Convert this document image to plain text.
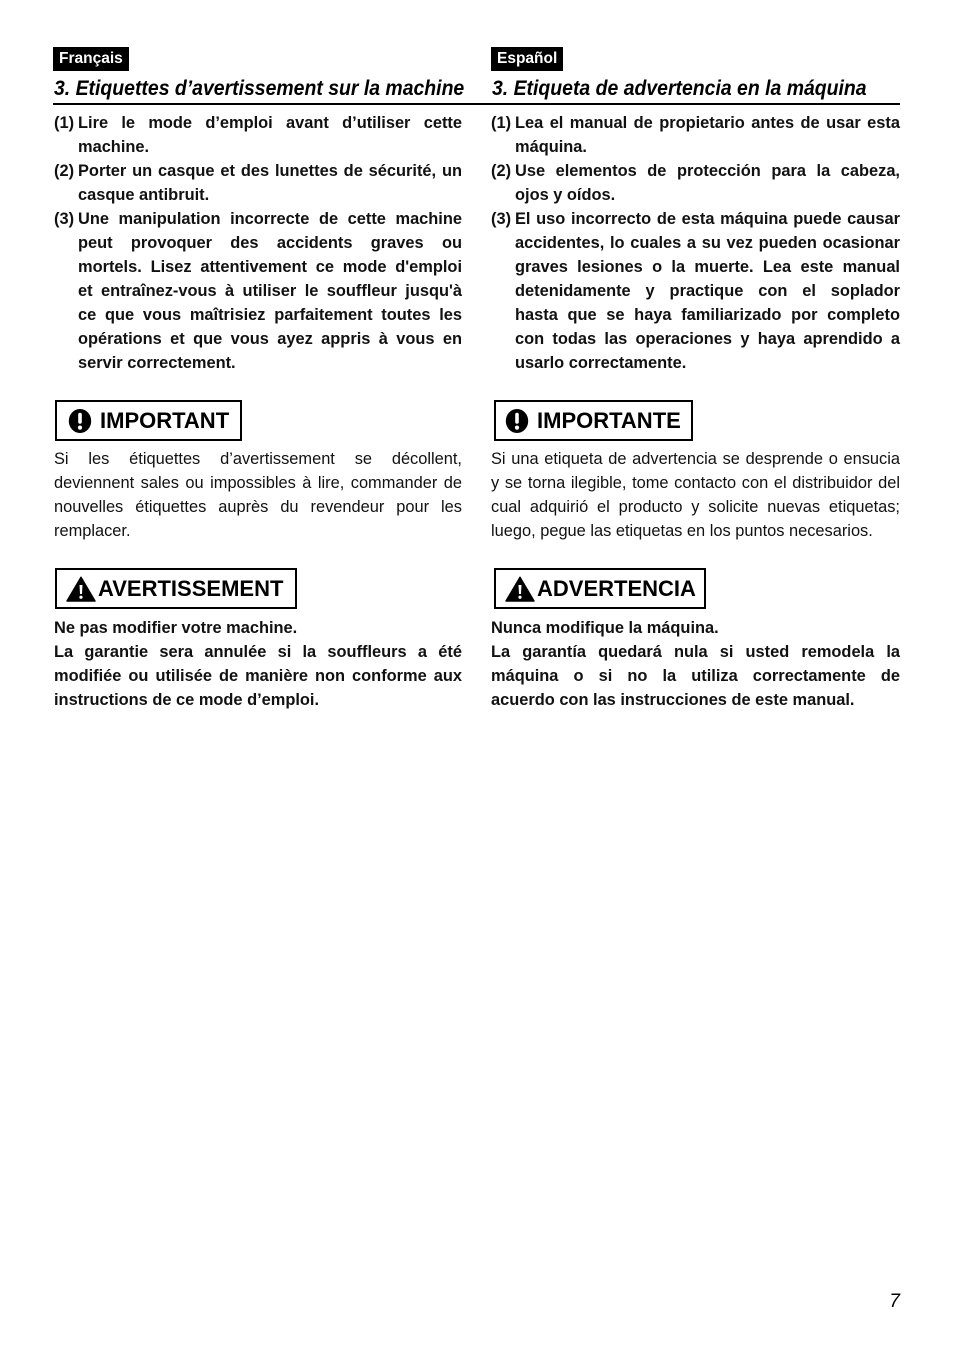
Français
3. Etiquettes d’avertissement sur la machine
(1) Lire le mode d’emploi avant d’utiliser cette
machine.
(2) Porter un casque et des lunettes de sécurité, un
casque antibruit.
(3) Une manipulation incorrecte de cette machine
peut provoquer des accidents graves ou
mortels. Lisez attentivement ce mode d'emploi
et entraînez-vous à utiliser le souffleur jusqu'à
ce que vous maîtrisiez parfaitement toutes les
opérations et que vous ayez appris à vous en
servir correctement.
IMPORTANT
Si les étiquettes d’avertissement se décollent,
deviennent sales ou impossibles à lire, commander de
nouvelles étiquettes auprès du revendeur pour les
remplacer.
AVERTISSEMENT
Ne pas modifier votre machine.
La garantie sera annulée si la souffleurs a été
modifiée ou utilisée de manière non conforme aux
instructions de ce mode d’emploi.
Español
3. Etiqueta de advertencia en la máquina
(1) Lea el manual de propietario antes de usar esta
máquina.
(2) Use elementos de protección para la cabeza,
ojos y oídos.
(3) El uso incorrecto de esta máquina puede causar
accidentes, lo cuales a su vez pueden ocasionar
graves lesiones o la muerte. Lea este manual
detenidamente y practique con el soplador
hasta que se haya familiarizado por completo
con todas las operaciones y haya aprendido a
usarlo correctamente.
IMPORTANTE
Si una etiqueta de advertencia se desprende o ensucia
y se torna ilegible, tome contacto con el distribuidor del
cual adquirió el producto y solicite nuevas etiquetas;
luego, pegue las etiquetas en los puntos necesarios.
ADVERTENCIA
Nunca modifique la máquina.
La garantía quedará nula si usted remodela la
máquina o si no la utiliza correctamente de
acuerdo con las instrucciones de este manual.
7
